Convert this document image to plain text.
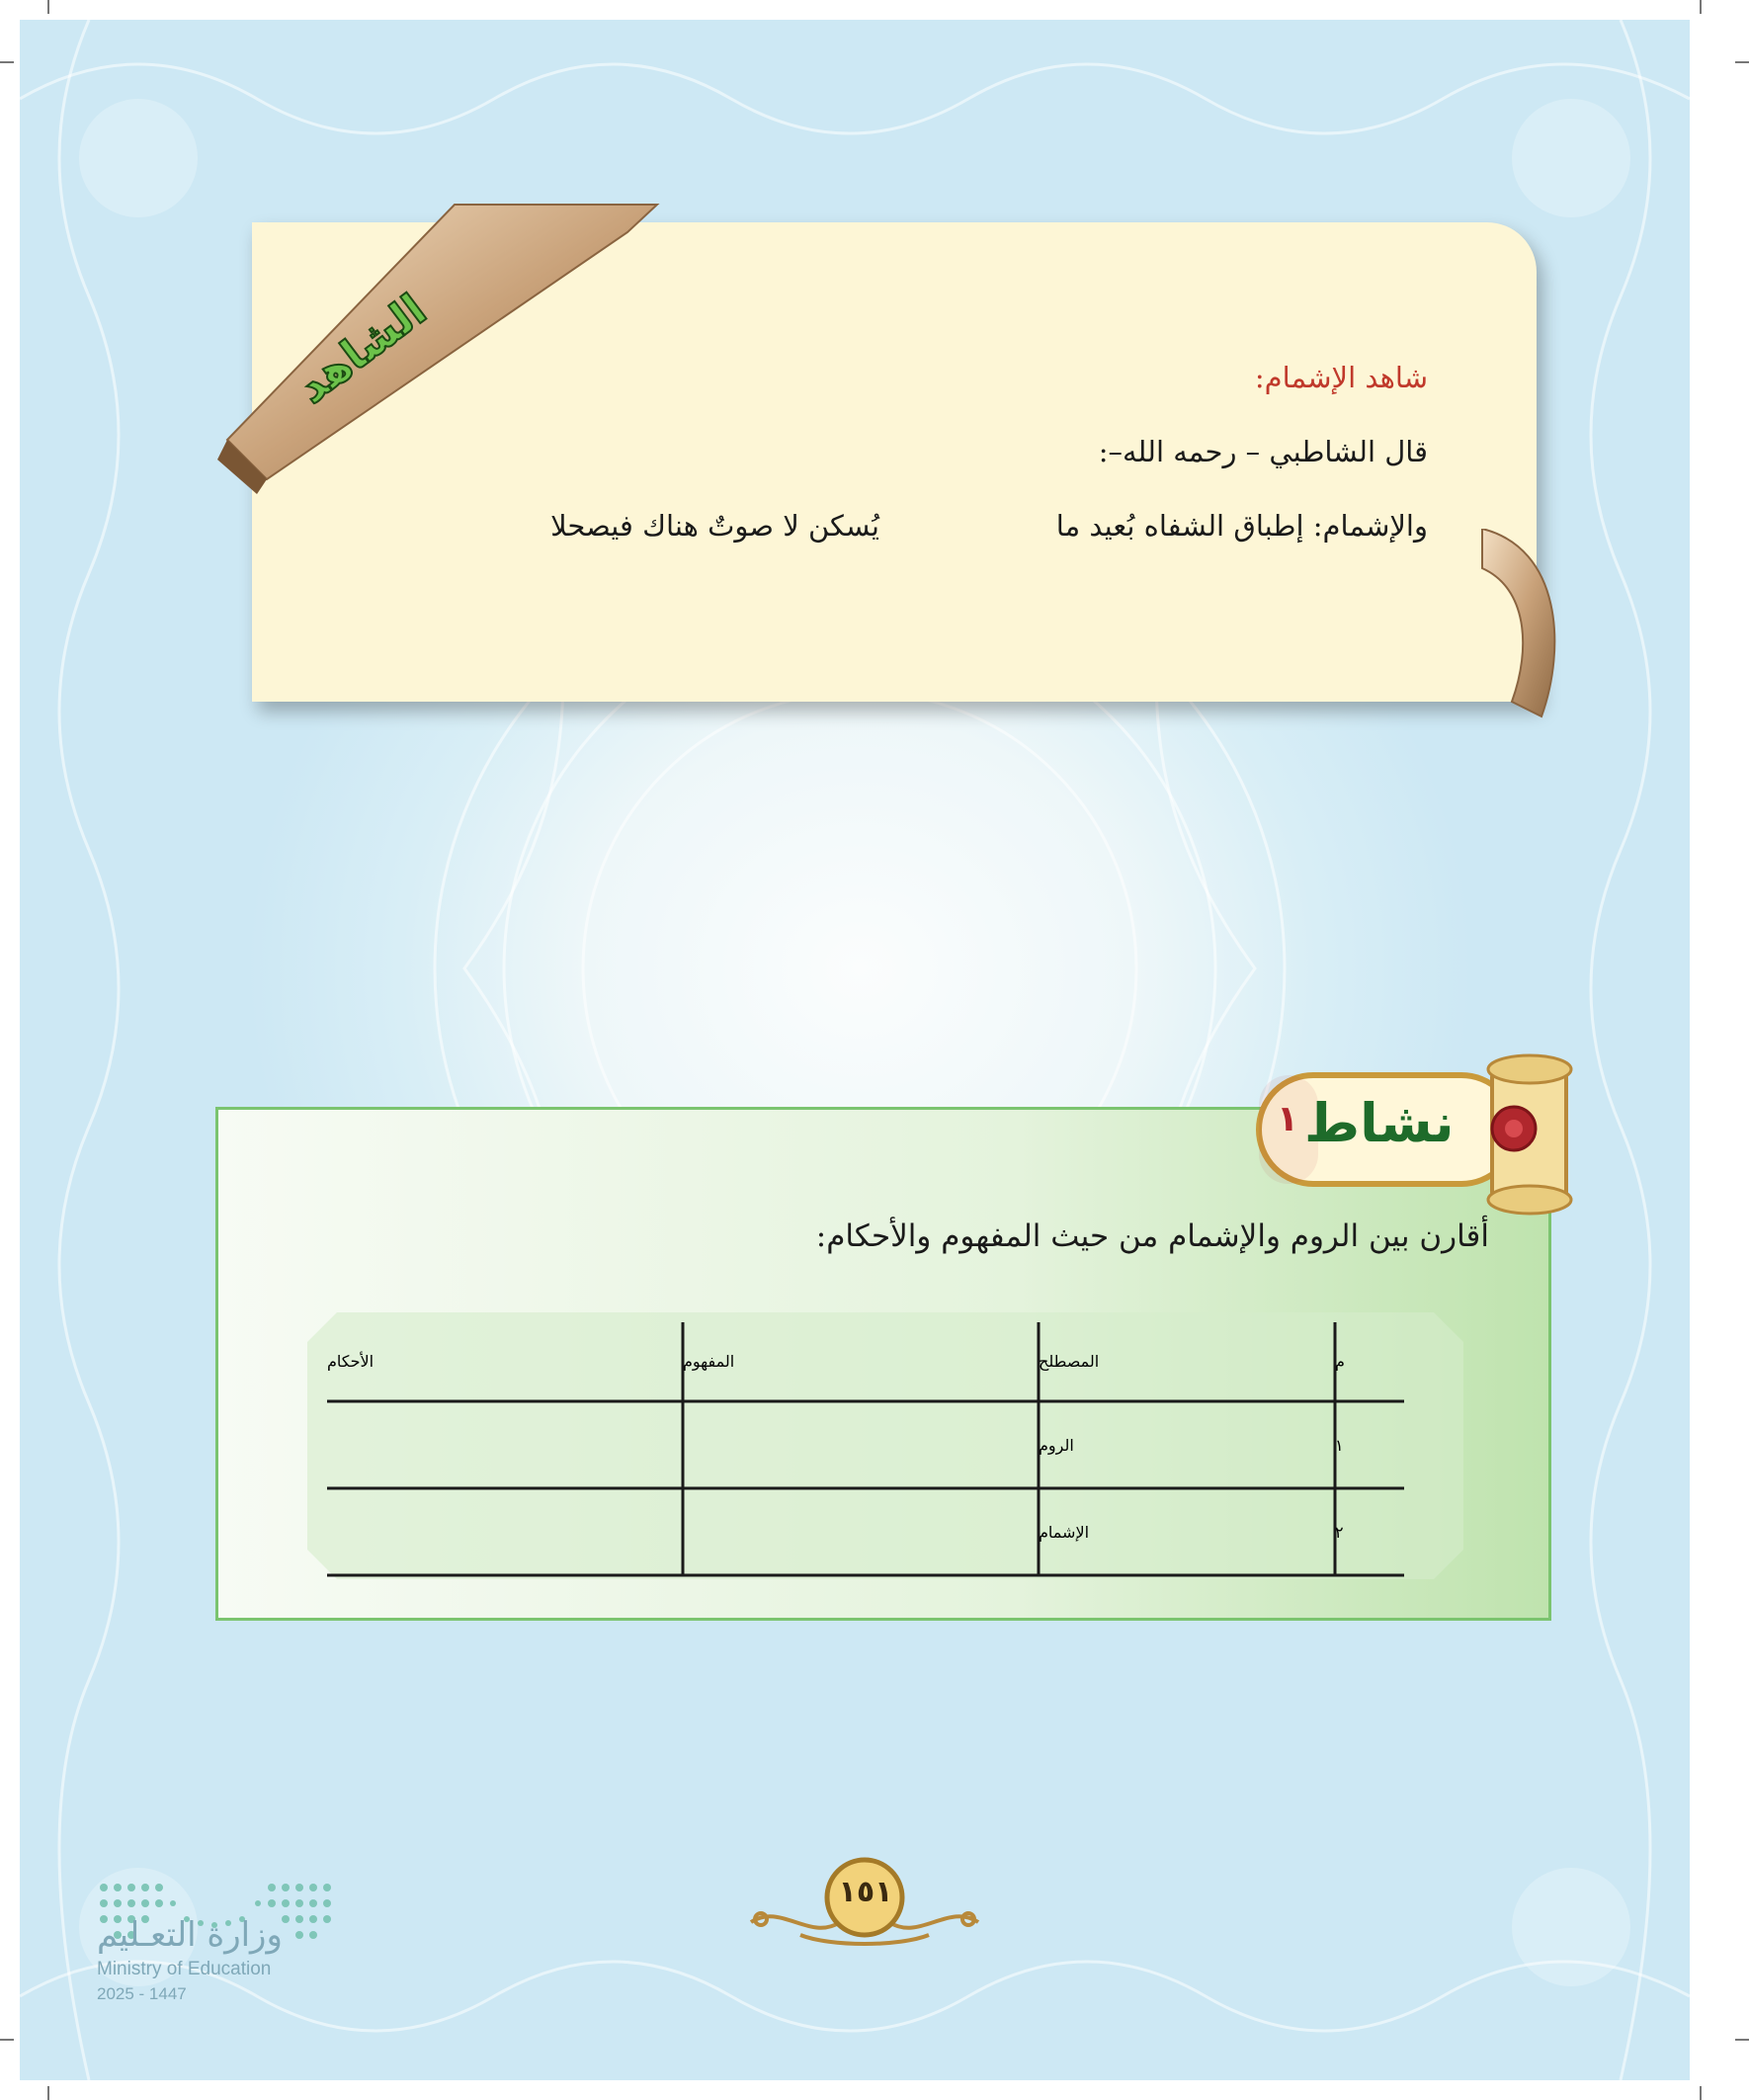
شاهد الإشمام:
قال الشاطبي – رحمه الله–:
والإشمام: إطباق الشفاه بُعيد ما
يُسكن لا صوتٌ هناك فيصحلا
الشاهد
أقارن بين الروم والإشمام من حيث المفهوم والأحكام:
م
المصطلح
المفهوم
الأحكام
١
الروم
٢
الإشمام
نشاط
١
وزارة التعـليم
Ministry of Education
2025 - 1447
١٥١
